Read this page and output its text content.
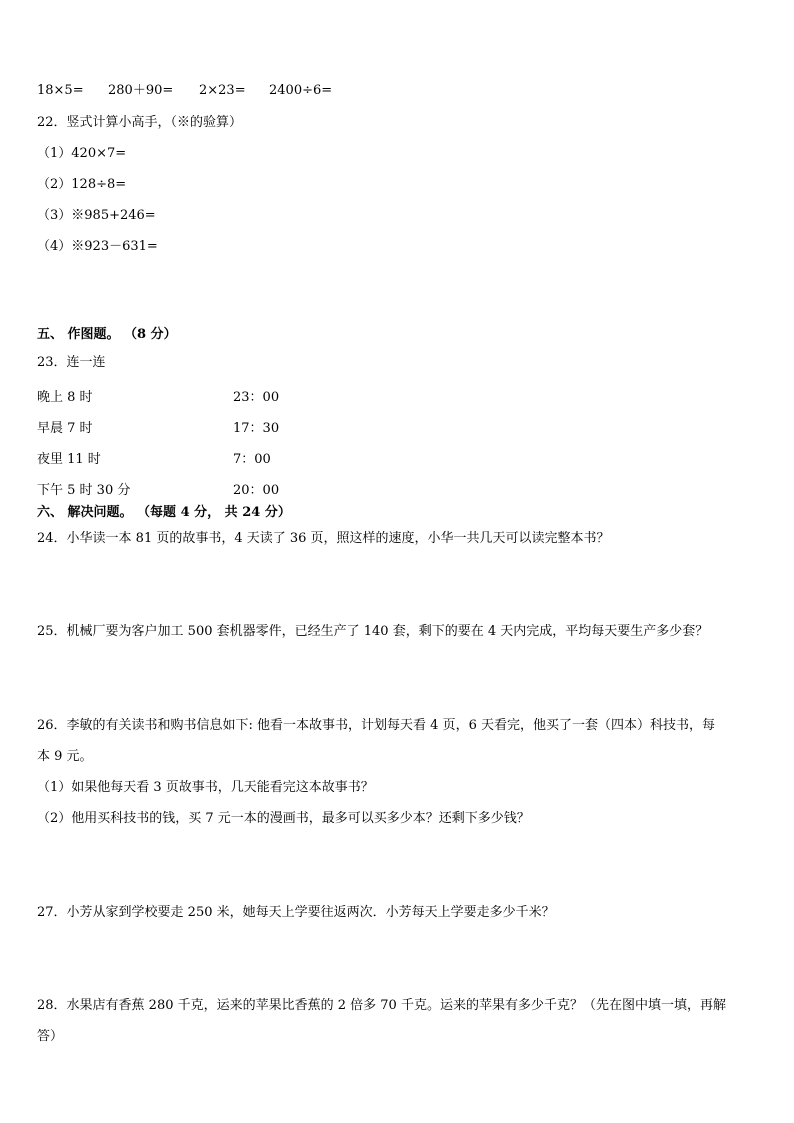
18×5= 280＋90= 2×23= 2400÷6=
22．竖式计算小高手，（※的验算）
（1）420×7=
（2）128÷8=
（3）※985+246=
（4）※923－631=
五、 作图题。 （8 分）
23．连一连
晚上 8 时	23：00
早晨 7 时	17：30
夜里 11 时	7：00
下午 5 时 30 分	20：00
六、 解决问题。 （每题 4 分， 共 24 分）
24．小华读一本 81 页的故事书，4 天读了 36 页，照这样的速度，小华一共几天可以读完整本书？
25．机械厂要为客户加工 500 套机器零件，已经生产了 140 套，剩下的要在 4 天内完成，平均每天要生产多少套？
26．李敏的有关读书和购书信息如下: 他看一本故事书，计划每天看 4 页，6 天看完，他买了一套（四本）科技书，每
本 9 元。
（1）如果他每天看 3 页故事书，几天能看完这本故事书？
（2）他用买科技书的钱，买 7 元一本的漫画书，最多可以买多少本？还剩下多少钱？
27．小芳从家到学校要走 250 米，她每天上学要往返两次．小芳每天上学要走多少千米？
28．水果店有香蕉 280 千克，运来的苹果比香蕉的 2 倍多 70 千克。运来的苹果有多少千克？（先在图中填一填，再解
答）
